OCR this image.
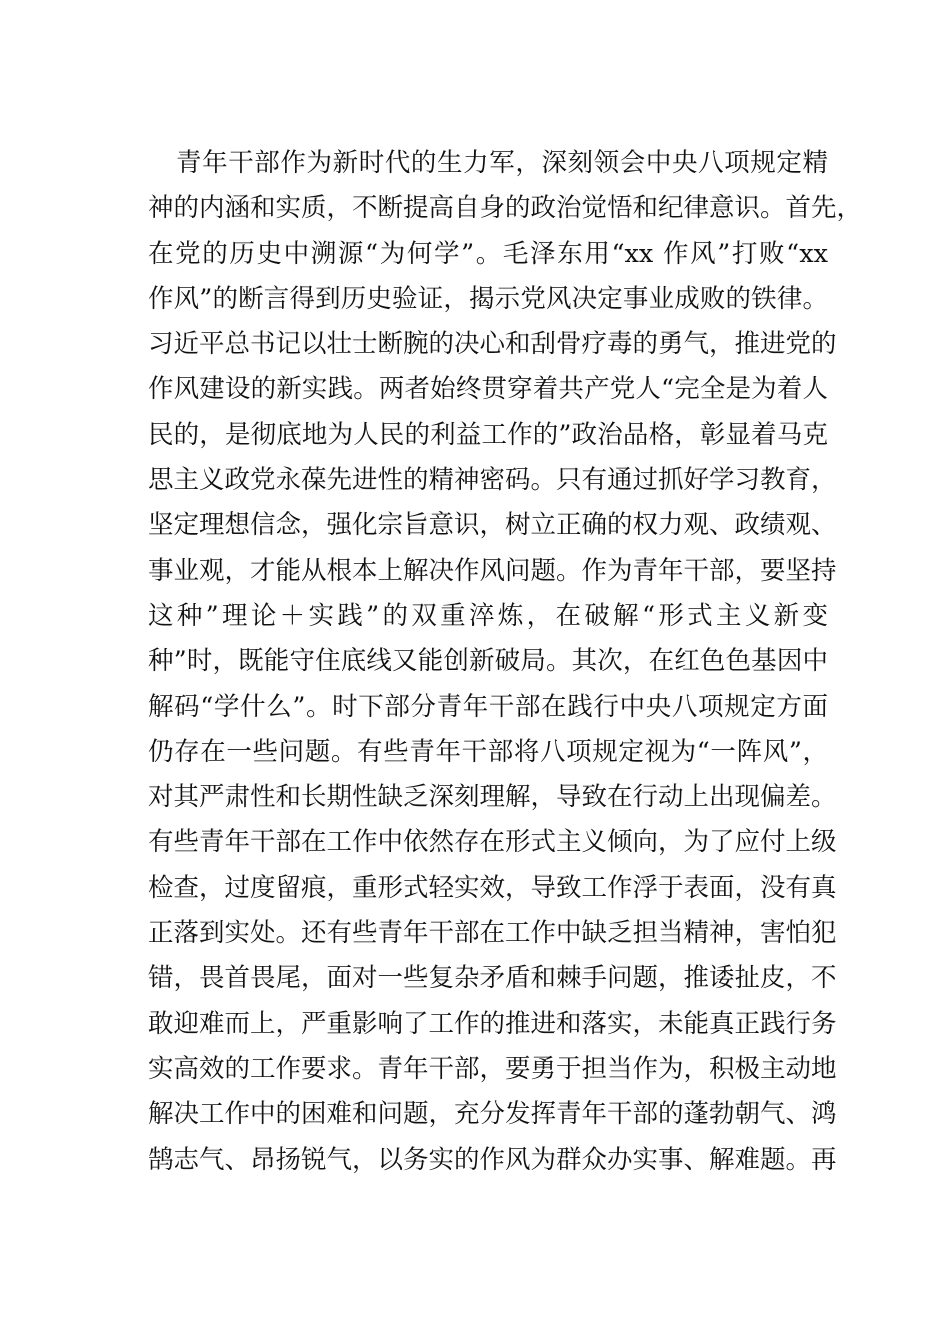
青年干部作为新时代的生力军，深刻领会中央八项规定精
神的内涵和实质，不断提高自身的政治觉悟和纪律意识。首先，
在党的历史中溯源“为何学”。毛泽东用“xx 作风”打败“xx
作风”的断言得到历史验证，揭示党风决定事业成败的铁律。
习近平总书记以壮士断腕的决心和刮骨疗毒的勇气，推进党的
作风建设的新实践。两者始终贯穿着共产党人“完全是为着人
民的，是彻底地为人民的利益工作的”政治品格，彰显着马克
思主义政党永葆先进性的精神密码。只有通过抓好学习教育，
坚定理想信念，强化宗旨意识，树立正确的权力观、政绩观、
事业观，才能从根本上解决作风问题。作为青年干部，要坚持
这种”理论＋实践”的双重淬炼，在破解“形式主义新变
种”时，既能守住底线又能创新破局。其次，在红色色基因中
解码“学什么”。时下部分青年干部在践行中央八项规定方面
仍存在一些问题。有些青年干部将八项规定视为“一阵风”，
对其严肃性和长期性缺乏深刻理解，导致在行动上出现偏差。
有些青年干部在工作中依然存在形式主义倾向，为了应付上级
检查，过度留痕，重形式轻实效，导致工作浮于表面，没有真
正落到实处。还有些青年干部在工作中缺乏担当精神，害怕犯
错，畏首畏尾，面对一些复杂矛盾和棘手问题，推诿扯皮，不
敢迎难而上，严重影响了工作的推进和落实，未能真正践行务
实高效的工作要求。青年干部，要勇于担当作为，积极主动地
解决工作中的困难和问题，充分发挥青年干部的蓬勃朝气、鸿
鹄志气、昂扬锐气，以务实的作风为群众办实事、解难题。再
